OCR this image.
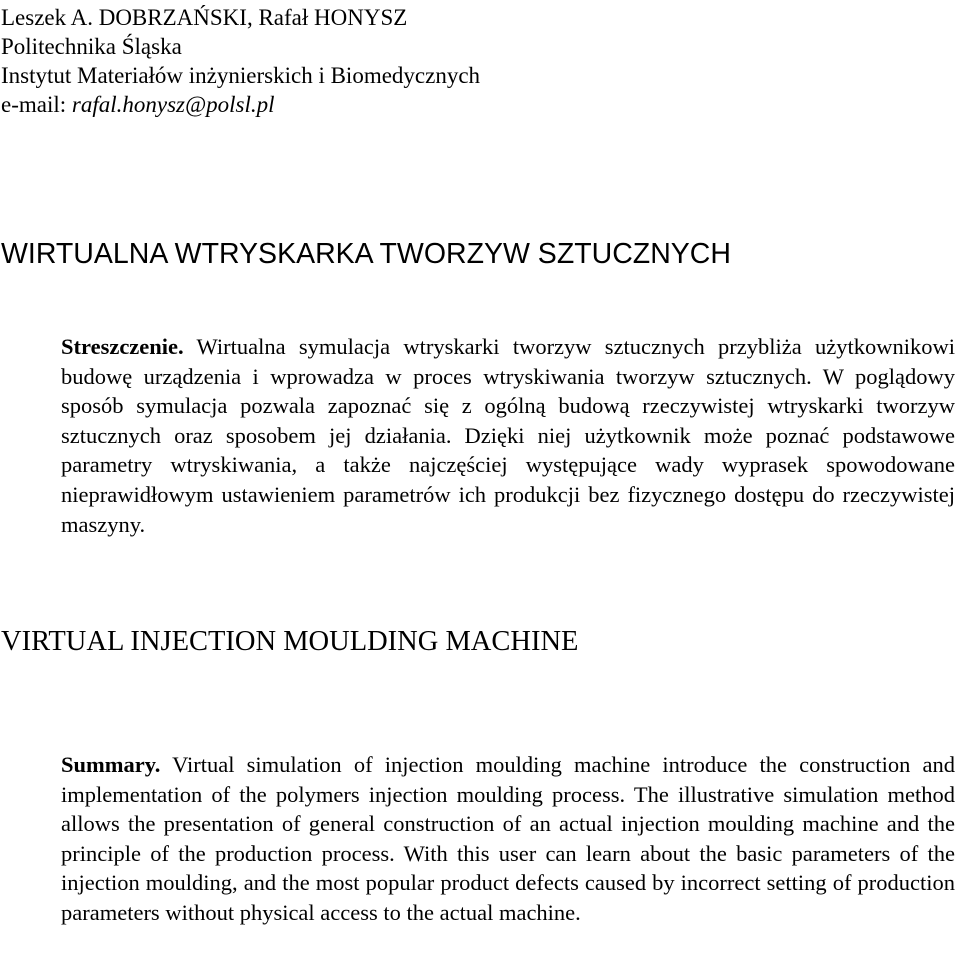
Leszek A. DOBRZAŃSKI, Rafał HONYSZ
Politechnika Śląska
Instytut Materiałów inżynierskich i Biomedycznych
e-mail: rafal.honysz@polsl.pl
WIRTUALNA WTRYSKARKA TWORZYW SZTUCZNYCH

Streszczenie. Wirtualna symulacja wtryskarki tworzyw sztucznych przybliża użytkownikowi budowę urządzenia i wprowadza w proces wtryskiwania tworzyw sztucznych. W poglądowy sposób symulacja pozwala zapoznać się z ogólną budową rzeczywistej wtryskarki tworzyw sztucznych oraz sposobem jej działania. Dzięki niej użytkownik może poznać podstawowe parametry wtryskiwania, a także najczęściej występujące wady wyprasek spowodowane nieprawidłowym ustawieniem parametrów ich produkcji bez fizycznego dostępu do rzeczywistej maszyny.

VIRTUAL INJECTION MOULDING MACHINE

Summary. Virtual simulation of injection moulding machine introduce the construction and implementation of the polymers injection moulding process. The illustrative simulation method allows the presentation of general construction of an actual injection moulding machine and the principle of the production process. With this user can learn about the basic parameters of the injection moulding, and the most popular product defects caused by incorrect setting of production parameters without physical access to the actual machine.
